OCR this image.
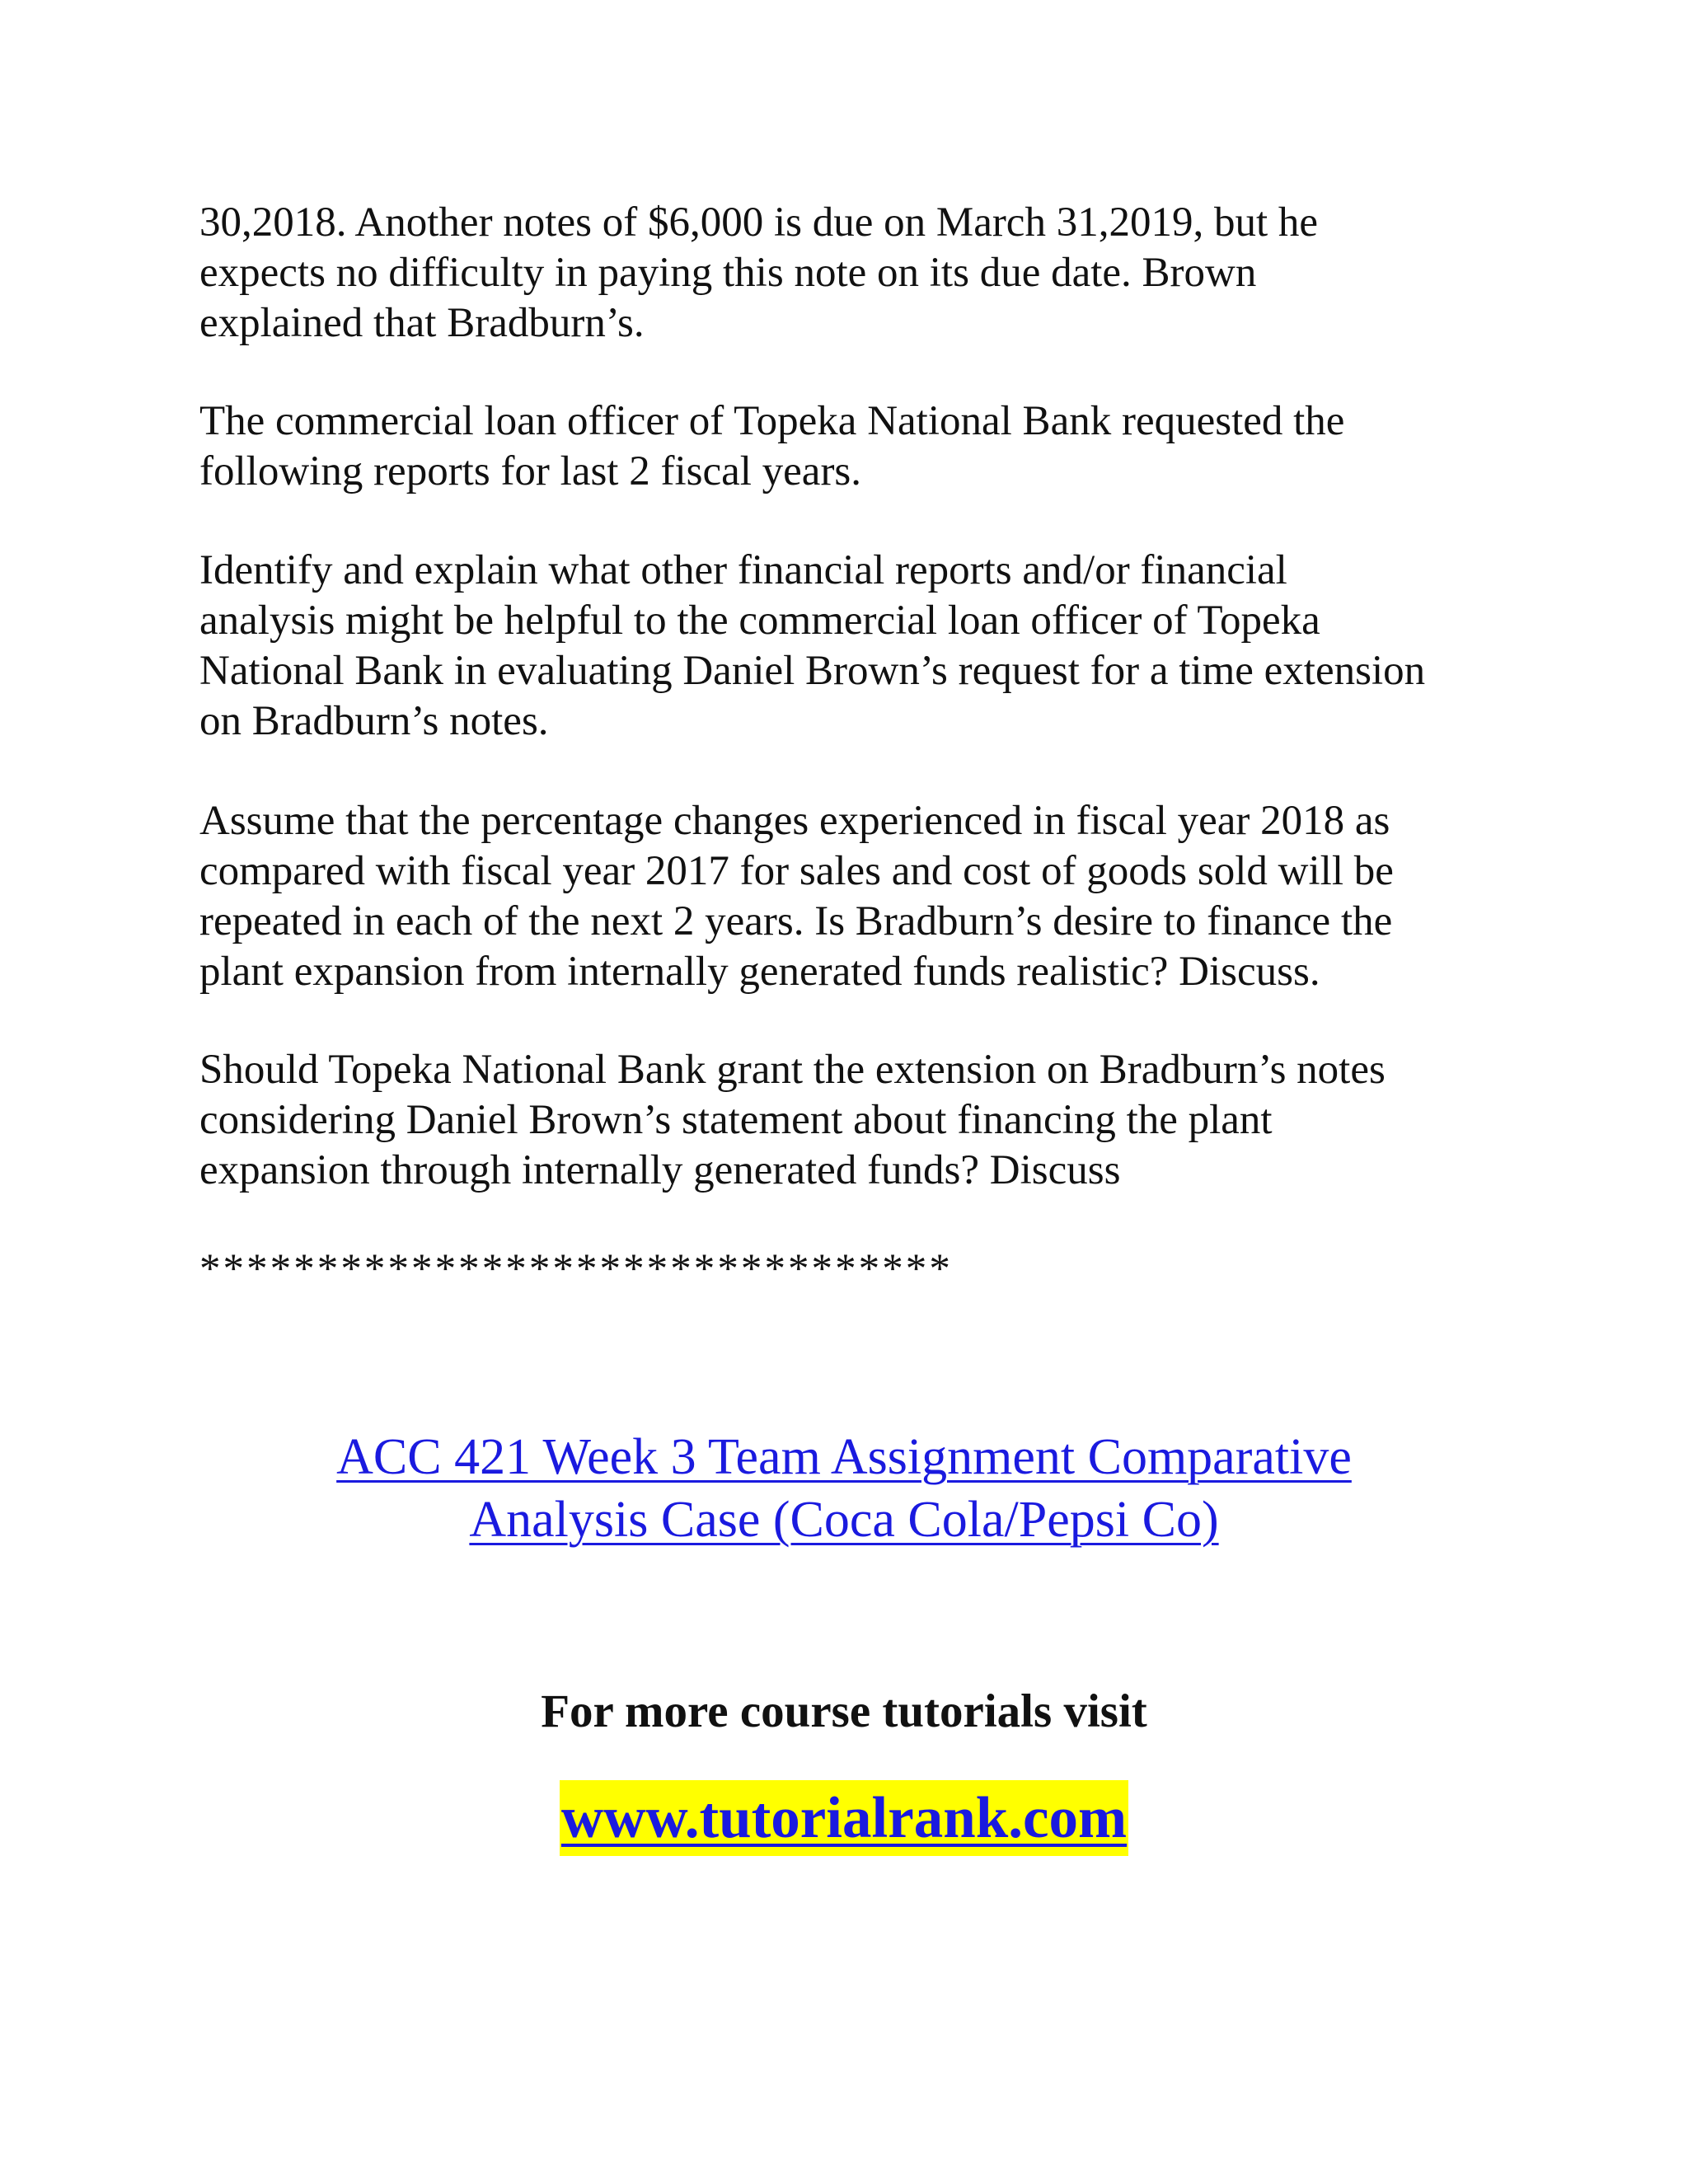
30,2018. Another notes of $6,000 is due on March 31,2019, but he
expects no difficulty in paying this note on its due date. Brown
explained that Bradburn’s.

The commercial loan officer of Topeka National Bank requested the
following reports for last 2 fiscal years.

Identify and explain what other financial reports and/or financial
analysis might be helpful to the commercial loan officer of Topeka
National Bank in evaluating Daniel Brown’s request for a time extension
on Bradburn’s notes.

Assume that the percentage changes experienced in fiscal year 2018 as
compared with fiscal year 2017 for sales and cost of goods sold will be
repeated in each of the next 2 years. Is Bradburn’s desire to finance the
plant expansion from internally generated funds realistic? Discuss.

Should Topeka National Bank grant the extension on Bradburn’s notes
considering Daniel Brown’s statement about financing the plant
expansion through internally generated funds? Discuss

********************************

ACC 421 Week 3 Team Assignment Comparative
Analysis Case (Coca Cola/Pepsi Co)

For more course tutorials visit

www.tutorialrank.com
